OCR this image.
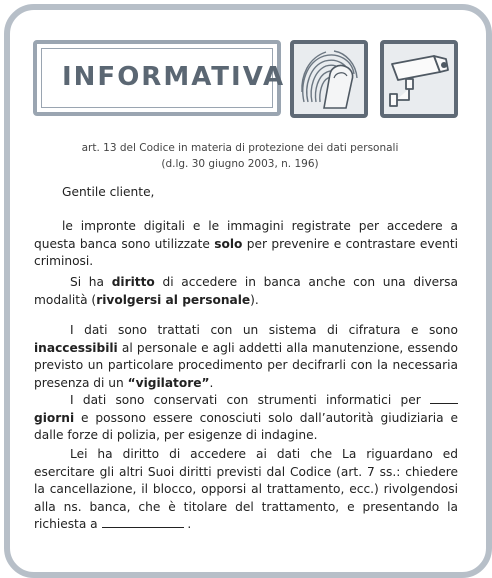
INFORMATIVA
art. 13 del Codice in materia di protezione dei dati personali
(d.lg. 30 giugno 2003, n. 196)
Gentile cliente,
le impronte digitali e le immagini registrate per accedere a questa banca sono utilizzate solo per prevenire e contrastare eventi criminosi.
Si ha diritto di accedere in banca anche con una diversa modalità (rivolgersi al personale).
I dati sono trattati con un sistema di cifratura e sono inaccessibili al personale e agli addetti alla manutenzione, essendo previsto un particolare procedimento per decifrarli con la necessaria presenza di un “vigilatore”.
I dati sono conservati con strumenti informatici per  giorni e possono essere conosciuti solo dall’autorità giudiziaria e dalle forze di polizia, per esigenze di indagine.
Lei ha diritto di accedere ai dati che La riguardano ed esercitare gli altri Suoi diritti previsti dal Codice (art. 7 ss.: chiedere la cancellazione, il blocco, opporsi al trattamento, ecc.) rivolgendosi alla ns. banca, che è titolare del trattamento, e presentando la richiesta a	.
